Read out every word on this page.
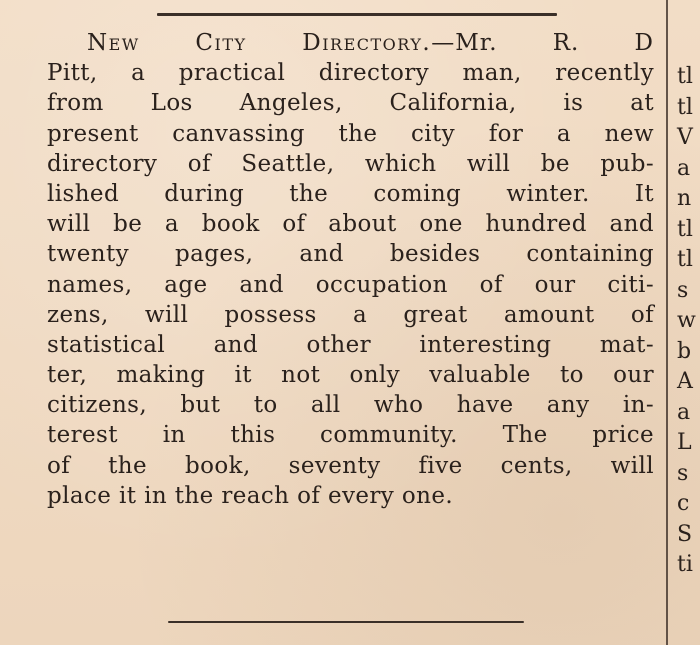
New City Directory.—Mr. R. D
Pitt, a practical directory man, recently
from Los Angeles, California, is at
present canvassing the city for a new
directory of Seattle, which will be pub-
lished during the coming winter. It
will be a book of about one hundred and
twenty pages, and besides containing
names, age and occupation of our citi-
zens, will possess a great amount of
statistical and other interesting mat-
ter, making it not only valuable to our
citizens, but to all who have any in-
terest in this community. The price
of the book, seventy five cents, will
place it in the reach of every one.
tl
tl
V
a
n
tl
tl
s
w
b
A
a
L
s
c
S
ti
